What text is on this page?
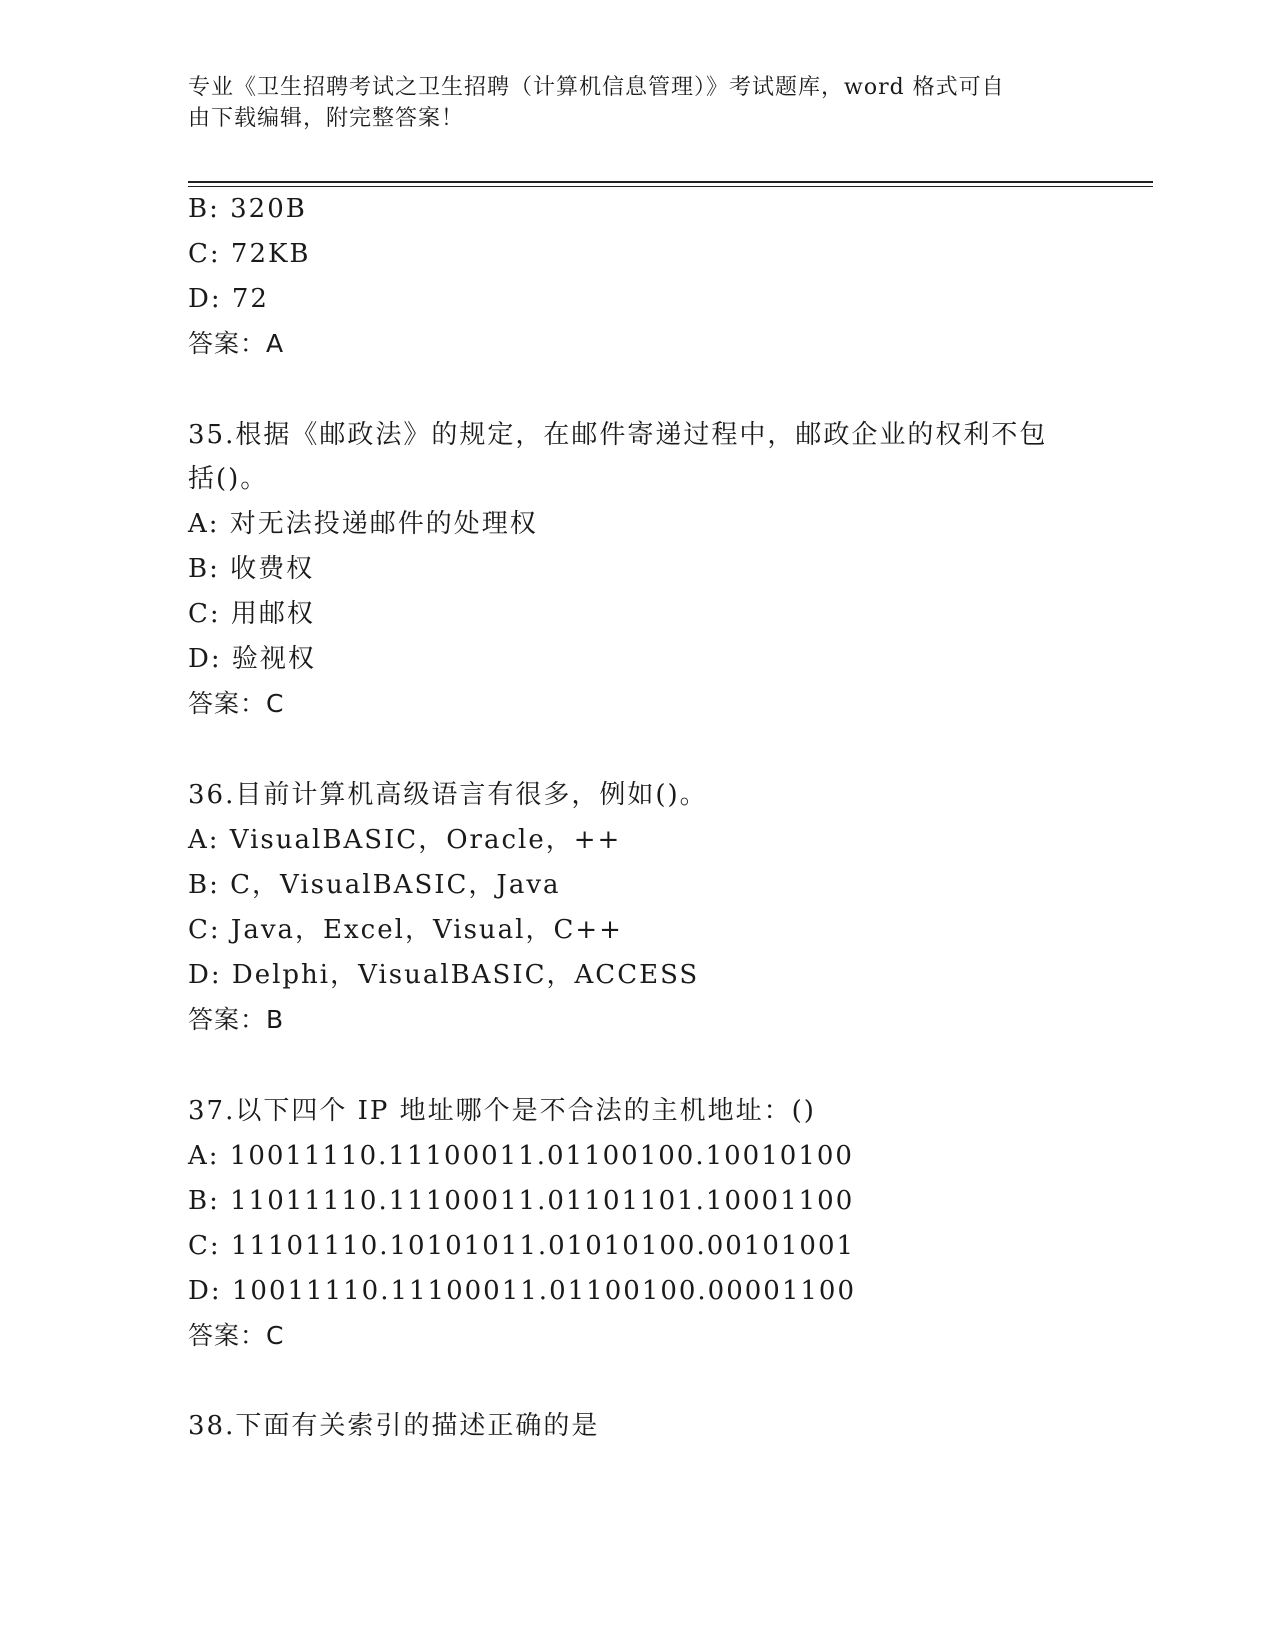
专业《卫生招聘考试之卫生招聘（计算机信息管理）》考试题库，word 格式可自

由下载编辑，附完整答案！

B: 320B
C: 72KB
D: 72
答案：A
35.根据《邮政法》的规定，在邮件寄递过程中，邮政企业的权利不包
括()。
A: 对无法投递邮件的处理权
B: 收费权
C: 用邮权
D: 验视权
答案：C
36.目前计算机高级语言有很多，例如()。
A: VisualBASIC，Oracle，++
B: C，VisualBASIC，Java
C: Java，Excel，Visual，C++
D: Delphi，VisualBASIC，ACCESS
答案：B
37.以下四个 IP 地址哪个是不合法的主机地址：()
A: 10011110.11100011.01100100.10010100
B: 11011110.11100011.01101101.10001100
C: 11101110.10101011.01010100.00101001
D: 10011110.11100011.01100100.00001100
答案：C
38.下面有关索引的描述正确的是
